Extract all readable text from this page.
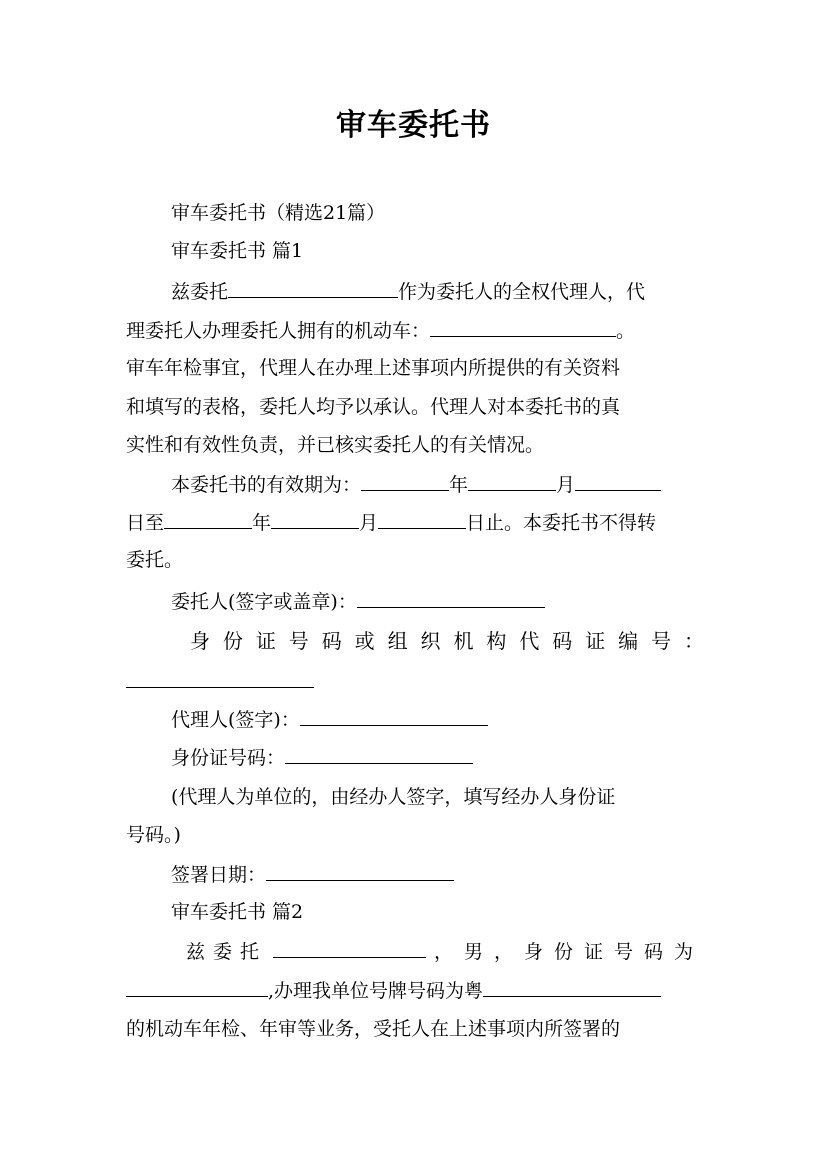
审车委托书
审车委托书（精选21篇）
审车委托书 篇1
兹委托	作为委托人的全权代理人，代
理委托人办理委托人拥有的机动车：	。
审车年检事宜，代理人在办理上述事项内所提供的有关资料
和填写的表格，委托人均予以承认。代理人对本委托书的真
实性和有效性负责，并已核实委托人的有关情况。
本委托书的有效期为：	年	月
日至	年	月	日止。本委托书不得转
委托。
委托人(签字或盖章)：
身份证号码或组织机构代码证编号：
代理人(签字)：
身份证号码：
(代理人为单位的，由经办人签字，填写经办人身份证
号码。)
签署日期：
审车委托书 篇2
兹委托	，男，身份证号码为
,办理我单位号牌号码为粤
的机动车年检、年审等业务，受托人在上述事项内所签署的
